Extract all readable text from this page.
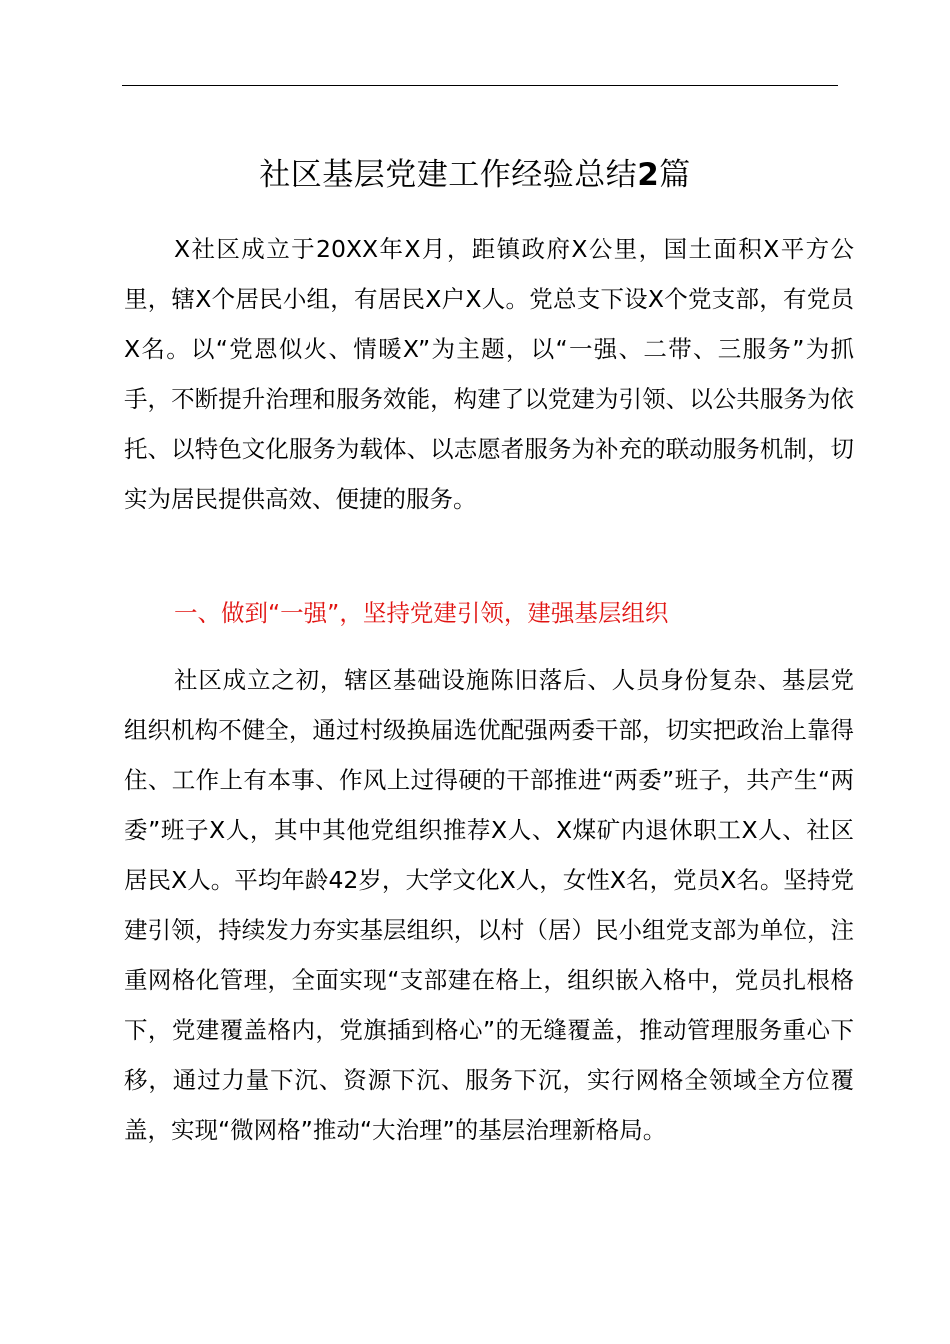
社区基层党建工作经验总结2篇

X社区成立于20XX年X月，距镇政府X公里，国土面积X平方公里，辖X个居民小组，有居民X户X人。党总支下设X个党支部，有党员X名。以“党恩似火、情暖X”为主题，以“一强、二带、三服务”为抓手，不断提升治理和服务效能，构建了以党建为引领、以公共服务为依托、以特色文化服务为载体、以志愿者服务为补充的联动服务机制，切实为居民提供高效、便捷的服务。

一、做到“一强”，坚持党建引领，建强基层组织

社区成立之初，辖区基础设施陈旧落后、人员身份复杂、基层党组织机构不健全，通过村级换届选优配强两委干部，切实把政治上靠得住、工作上有本事、作风上过得硬的干部推进“两委”班子，共产生“两委”班子X人，其中其他党组织推荐X人、X煤矿内退休职工X人、社区居民X人。平均年龄42岁，大学文化X人，女性X名，党员X名。坚持党建引领，持续发力夯实基层组织，以村（居）民小组党支部为单位，注重网格化管理，全面实现“支部建在格上，组织嵌入格中，党员扎根格下，党建覆盖格内，党旗插到格心”的无缝覆盖，推动管理服务重心下移，通过力量下沉、资源下沉、服务下沉，实行网格全领域全方位覆盖，实现“微网格”推动“大治理”的基层治理新格局。
